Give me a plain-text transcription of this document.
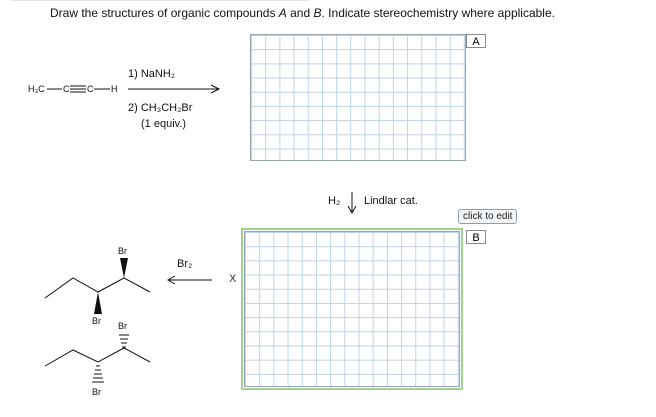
Draw the structures of organic compounds A and B. Indicate stereochemistry where applicable.
H₃C C C H
1) NaNH₂
2) CH₃CH₂Br
(1 equiv.)
A
H₂ Lindlar cat.
click to edit
B
Br₂
X
Br
Br Br
Br
